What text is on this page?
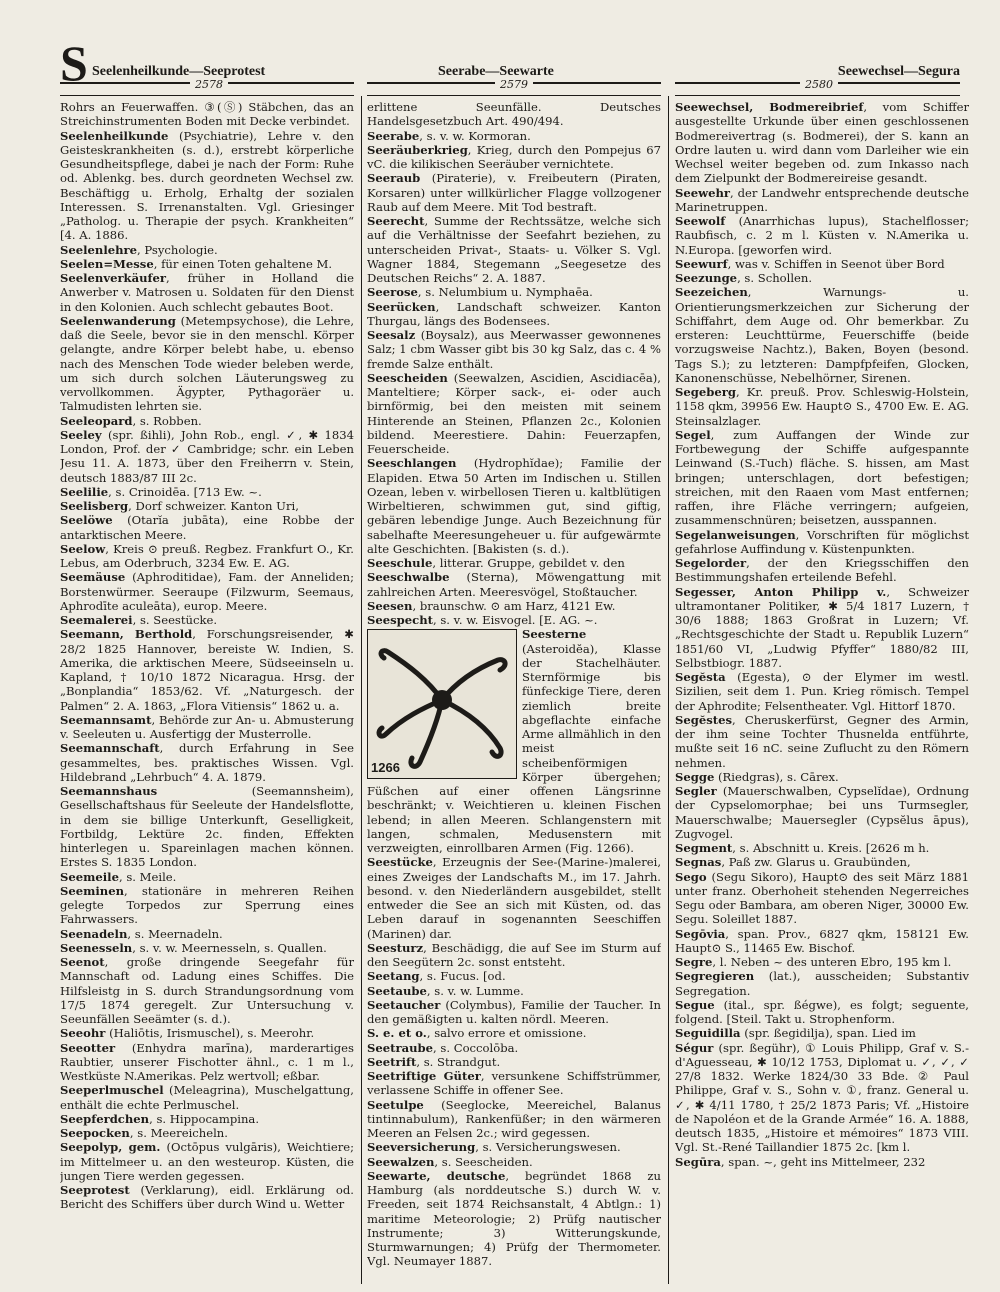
S Seelenheilkunde—Seeprotest	Seerabe—Seewarte	Seewechsel—Segura
2578	2579	2580

Rohrs an Feuerwaffen. ③(Ⓢ) Stäbchen, das an Streichinstrumenten Boden mit Decke verbindet.

Seelenheilkunde (Psychiatrie), Lehre v. den Geisteskrankheiten (s. d.), erstrebt körperliche Gesundheitspflege, dabei je nach der Form: Ruhe od. Ablenkg. bes. durch geordneten Wechsel zw. Beschäftigg u. Erholg, Erhaltg der sozialen Interessen. S. Irrenanstalten. Vgl. Griesinger „Patholog. u. Therapie der psych. Krankheiten“ [4. A. 1886.

Seelenlehre, Psychologie.

Seelen=Messe, für einen Toten gehaltene M.

Seelenverkäufer, früher in Holland die Anwerber v. Matrosen u. Soldaten für den Dienst in den Kolonien. Auch schlecht gebautes Boot.

Seelenwanderung (Metempsychose), die Lehre, daß die Seele, bevor sie in den menschl. Körper gelangte, andre Körper belebt habe, u. ebenso nach des Menschen Tode wieder beleben werde, um sich durch solchen Läuterungsweg zu vervollkommen. Ägypter, Pythagoräer u. Talmudisten lehrten sie.

Seeleopard, s. Robben.

Seeley (spr. ßihli), John Rob., engl. ✓, ✱ 1834 London, Prof. der ✓ Cambridge; schr. ein Leben Jesu 11. A. 1873, über den Freiherrn v. Stein, deutsch 1883/87 III 2c.

Seelilie, s. Crinoidēa. [713 Ew. ~.

Seelisberg, Dorf schweizer. Kanton Uri,

Seelöwe (Otarĭa jubāta), eine Robbe der antarktischen Meere.

Seelow, Kreis ⊙ preuß. Regbez. Frankfurt O., Kr. Lebus, am Oderbruch, 3234 Ew. E. AG.

Seemäuse (Aphroditidae), Fam. der Anneliden; Borstenwürmer. Seeraupe (Filzwurm, Seemaus, Aphrodīte aculeāta), europ. Meere.

Seemalerei, s. Seestücke.

Seemann, Berthold, Forschungsreisender, ✱ 28/2 1825 Hannover, bereiste W. Indien, S. Amerika, die arktischen Meere, Südseeinseln u. Kapland, † 10/10 1872 Nicaragua. Hrsg. der „Bonplandia“ 1853/62. Vf. „Naturgesch. der Palmen“ 2. A. 1863, „Flora Vitiensis“ 1862 u. a.

Seemannsamt, Behörde zur An- u. Abmusterung v. Seeleuten u. Ausfertigg der Musterrolle.

Seemannschaft, durch Erfahrung in See gesammeltes, bes. praktisches Wissen. Vgl. Hildebrand „Lehrbuch“ 4. A. 1879.

Seemannshaus (Seemannsheim), Gesellschaftshaus für Seeleute der Handelsflotte, in dem sie billige Unterkunft, Geselligkeit, Fortbildg, Lektüre 2c. finden, Effekten hinterlegen u. Spareinlagen machen können. Erstes S. 1835 London.

Seemeile, s. Meile.

Seeminen, stationäre in mehreren Reihen gelegte Torpedos zur Sperrung eines Fahrwassers.

Seenadeln, s. Meernadeln.

Seenesseln, s. v. w. Meernesseln, s. Quallen.

Seenot, große dringende Seegefahr für Mannschaft od. Ladung eines Schiffes. Die Hilfsleistg in S. durch Strandungsordnung vom 17/5 1874 geregelt. Zur Untersuchung v. Seeunfällen Seeämter (s. d.).

Seeohr (Haliōtis, Irismuschel), s. Meerohr.

Seeotter (Enhydra marīna), marderartiges Raubtier, unserer Fischotter ähnl., c. 1 m l., Westküste N.Amerikas. Pelz wertvoll; eßbar.

Seeperlmuschel (Meleagrina), Muschelgattung, enthält die echte Perlmuschel.

Seepferdchen, s. Hippocampina.

Seepocken, s. Meereicheln.

Seepolyp, gem. (Octōpus vulgāris), Weichtiere; im Mittelmeer u. an den westeurop. Küsten, die jungen Tiere werden gegessen.

Seeprotest (Verklarung), eidl. Erklärung od. Bericht des Schiffers über durch Wind u. Wetter

erlittene Seeunfälle. Deutsches Handelsgesetzbuch Art. 490/494.

Seerabe, s. v. w. Kormoran.

Seeräuberkrieg, Krieg, durch den Pompejus 67 vC. die kilikischen Seeräuber vernichtete.

Seeraub (Piraterie), v. Freibeutern (Piraten, Korsaren) unter willkürlicher Flagge vollzogener Raub auf dem Meere. Mit Tod bestraft.

Seerecht, Summe der Rechtssätze, welche sich auf die Verhältnisse der Seefahrt beziehen, zu unterscheiden Privat-, Staats- u. Völker S. Vgl. Wagner 1884, Stegemann „Seegesetze des Deutschen Reichs“ 2. A. 1887.

Seerose, s. Nelumbium u. Nymphaēa.

Seerücken, Landschaft schweizer. Kanton Thurgau, längs des Bodensees.

Seesalz (Boysalz), aus Meerwasser gewonnenes Salz; 1 cbm Wasser gibt bis 30 kg Salz, das c. 4 % fremde Salze enthält.

Seescheiden (Seewalzen, Ascidien, Ascidiacēa), Manteltiere; Körper sack-, ei- oder auch birnförmig, bei den meisten mit seinem Hinterende an Steinen, Pflanzen 2c., Kolonien bildend. Meerestiere. Dahin: Feuerzapfen, Feuerscheide.

Seeschlangen (Hydrophĭdae); Familie der Elapiden. Etwa 50 Arten im Indischen u. Stillen Ozean, leben v. wirbellosen Tieren u. kaltblütigen Wirbeltieren, schwimmen gut, sind giftig, gebären lebendige Junge. Auch Bezeichnung für sabelhafte Meeresungeheuer u. für aufgewärmte alte Geschichten. [Bakisten (s. d.).

Seeschule, litterar. Gruppe, gebildet v. den

Seeschwalbe (Sterna), Möwengattung mit zahlreichen Arten. Meeresvögel, Stoßtaucher.

Seesen, braunschw. ⊙ am Harz, 4121 Ew.

Seespecht, s. v. w. Eisvogel. [E. AG. ~.

1266
Seesterne (Asteroidĕa), Klasse der Stachelhäuter. Sternförmige bis fünfeckige Tiere, deren ziemlich breite abgeflachte einfache Arme allmählich in den meist scheibenförmigen Körper übergehen; Füßchen auf einer offenen Längsrinne beschränkt; v. Weichtieren u. kleinen Fischen lebend; in allen Meeren. Schlangenstern mit langen, schmalen, Medusenstern mit verzweigten, einrollbaren Armen (Fig. 1266).

Seestücke, Erzeugnis der See-(Marine-)malerei, eines Zweiges der Landschafts M., im 17. Jahrh. besond. v. den Niederländern ausgebildet, stellt entweder die See an sich mit Küsten, od. das Leben darauf in sogenannten Seeschiffen (Marinen) dar.

Seesturz, Beschädigg, die auf See im Sturm auf den Seegütern 2c. sonst entsteht.

Seetang, s. Fucus. [od.

Seetaube, s. v. w. Lumme.

Seetaucher (Colymbus), Familie der Taucher. In den gemäßigten u. kalten nördl. Meeren.

S. e. et o., salvo errore et omissione.

Seetraube, s. Coccolōba.

Seetrift, s. Strandgut.

Seetriftige Güter, versunkene Schiffstrümmer, verlassene Schiffe in offener See.

Seetulpe (Seeglocke, Meereichel, Balanus tintinnabulum), Rankenfüßer; in den wärmeren Meeren an Felsen 2c.; wird gegessen.

Seeversicherung, s. Versicherungswesen.

Seewalzen, s. Seescheiden.

Seewarte, deutsche, begründet 1868 zu Hamburg (als norddeutsche S.) durch W. v. Freeden, seit 1874 Reichsanstalt, 4 Abtlgn.: 1) maritime Meteorologie; 2) Prüfg nautischer Instrumente; 3) Witterungskunde, Sturmwarnungen; 4) Prüfg der Thermometer. Vgl. Neumayer 1887.

Seewechsel, Bodmereibrief, vom Schiffer ausgestellte Urkunde über einen geschlossenen Bodmereivertrag (s. Bodmerei), der S. kann an Ordre lauten u. wird dann vom Darleiher wie ein Wechsel weiter begeben od. zum Inkasso nach dem Zielpunkt der Bodmereireise gesandt.

Seewehr, der Landwehr entsprechende deutsche Marinetruppen.

Seewolf (Anarrhichas lupus), Stachelflosser; Raubfisch, c. 2 m l. Küsten v. N.Amerika u. N.Europa. [geworfen wird.

Seewurf, was v. Schiffen in Seenot über Bord

Seezunge, s. Schollen.

Seezeichen, Warnungs- u. Orientierungsmerkzeichen zur Sicherung der Schiffahrt, dem Auge od. Ohr bemerkbar. Zu ersteren: Leuchttürme, Feuerschiffe (beide vorzugsweise Nachtz.), Baken, Boyen (besond. Tags S.); zu letzteren: Dampfpfeifen, Glocken, Kanonenschüsse, Nebelhörner, Sirenen.

Segeberg, Kr. preuß. Prov. Schleswig-Holstein, 1158 qkm, 39956 Ew. Haupt⊙ S., 4700 Ew. E. AG. Steinsalzlager.

Segel, zum Auffangen der Winde zur Fortbewegung der Schiffe aufgespannte Leinwand (S.-Tuch) fläche. S. hissen, am Mast bringen; unterschlagen, dort befestigen; streichen, mit den Raaen vom Mast entfernen; raffen, ihre Fläche verringern; aufgeien, zusammenschnüren; beisetzen, ausspannen.

Segelanweisungen, Vorschriften für möglichst gefahrlose Auffindung v. Küstenpunkten.

Segelorder, der den Kriegsschiffen den Bestimmungshafen erteilende Befehl.

Segesser, Anton Philipp v., Schweizer ultramontaner Politiker, ✱ 5/4 1817 Luzern, † 30/6 1888; 1863 Großrat in Luzern; Vf. „Rechtsgeschichte der Stadt u. Republik Luzern“ 1851/60 VI, „Ludwig Pfyffer“ 1880/82 III, Selbstbiogr. 1887.

Segĕsta (Egesta), ⊙ der Elymer im westl. Sizilien, seit dem 1. Pun. Krieg römisch. Tempel der Aphrodite; Felsentheater. Vgl. Hittorf 1870.

Segĕstes, Cheruskerfürst, Gegner des Armin, der ihm seine Tochter Thusnelda entführte, mußte seit 16 nC. seine Zuflucht zu den Römern nehmen.

Segge (Riedgras), s. Cārex.

Segler (Mauerschwalben, Cypselĭdae), Ordnung der Cypselomorphae; bei uns Turmsegler, Mauerschwalbe; Mauersegler (Cypsĕlus āpus), Zugvogel.

Segment, s. Abschnitt u. Kreis. [2626 m h.

Segnas, Paß zw. Glarus u. Graubünden,

Sego (Segu Sikoro), Haupt⊙ des seit März 1881 unter franz. Oberhoheit stehenden Negerreiches Segu oder Bambara, am oberen Niger, 30000 Ew. Segu. Soleillet 1887.

Segōvia, span. Prov., 6827 qkm, 158121 Ew. Haupt⊙ S., 11465 Ew. Bischof.

Segre, l. Neben ~ des unteren Ebro, 195 km l.

Segregieren (lat.), ausscheiden; Substantiv Segregation.

Segue (ital., spr. ßégwe), es folgt; seguente, folgend. [Steil. Takt u. Strophenform.

Seguidilla (spr. ßegidilja), span. Lied im

Ségur (spr. ßegühr), ① Louis Philipp, Graf v. S.-d'Aguesseau, ✱ 10/12 1753, Diplomat u. ✓, ✓, ✓ 27/8 1832. Werke 1824/30 33 Bde. ② Paul Philippe, Graf v. S., Sohn v. ①, franz. General u. ✓, ✱ 4/11 1780, † 25/2 1873 Paris; Vf. „Histoire de Napoléon et de la Grande Armée“ 16. A. 1888, deutsch 1835, „Histoire et mémoires“ 1873 VIII. Vgl. St.-René Taillandier 1875 2c. [km l.

Segūra, span. ~, geht ins Mittelmeer, 232
